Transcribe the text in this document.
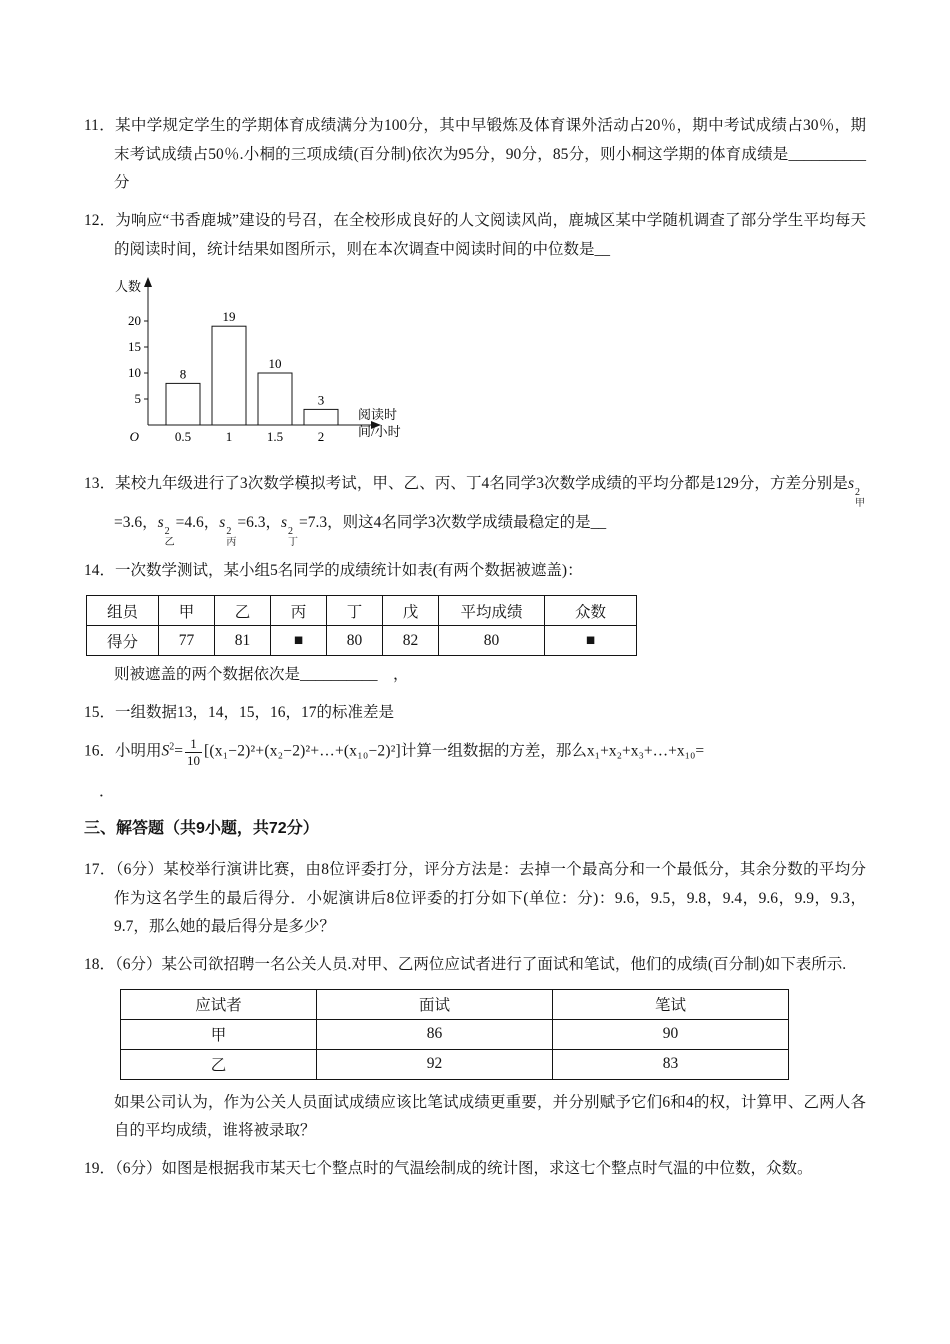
11．某中学规定学生的学期体育成绩满分为100分，其中早锻炼及体育课外活动占20％，期中考试成绩占30％，期末考试成绩占50％.小桐的三项成绩(百分制)依次为95分，90分，85分，则小桐这学期的体育成绩是__________分

12．为响应“书香鹿城”建设的号召，在全校形成良好的人文阅读风尚，鹿城区某中学随机调查了部分学生平均每天的阅读时间，统计结果如图所示，则在本次调查中阅读时间的中位数是__

5
10
15
20
8
0.5
19
1
10
1.5
3
2
O
人数
阅读时
间/小时

13．某校九年级进行了3次数学模拟考试，甲、乙、丙、丁4名同学3次数学成绩的平均分都是129分，方差分别是s
2
甲
=3.6，s
2
乙
=4.6，s
2
丙
=6.3，s
2
丁
=7.3，则这4名同学3次数学成绩最稳定的是__

14．一次数学测试，某小组5名同学的成绩统计如表(有两个数据被遮盖)：

组员	甲	乙	丙	丁	戊	平均成绩	众数
得分	77	81	■	80	82	80	■

则被遮盖的两个数据依次是__________　，

15．一组数据13，14，15，16，17的标准差是

16．小明用$S^2= \frac{1}{10}$ [(x₁−2)²+(x₂−2)²+…+(x₁₀−2)²]计算一组数据的方差，那么x₁+x₂+x₃+…+x₁₀=

．

三、解答题（共9小题，共72分）

17．（6分）某校举行演讲比赛，由8位评委打分，评分方法是：去掉一个最高分和一个最低分，其余分数的平均分作为这名学生的最后得分．小妮演讲后8位评委的打分如下(单位：分)：9.6，9.5，9.8，9.4，9.6，9.9，9.3，9.7，那么她的最后得分是多少？

18．（6分）某公司欲招聘一名公关人员.对甲、乙两位应试者进行了面试和笔试，他们的成绩(百分制)如下表所示.

应试者	面试	笔试
甲	86	90
乙	92	83

如果公司认为，作为公关人员面试成绩应该比笔试成绩更重要，并分别赋予它们6和4的权，计算甲、乙两人各自的平均成绩，谁将被录取？

19．（6分）如图是根据我市某天七个整点时的气温绘制成的统计图，求这七个整点时气温的中位数，众数。
